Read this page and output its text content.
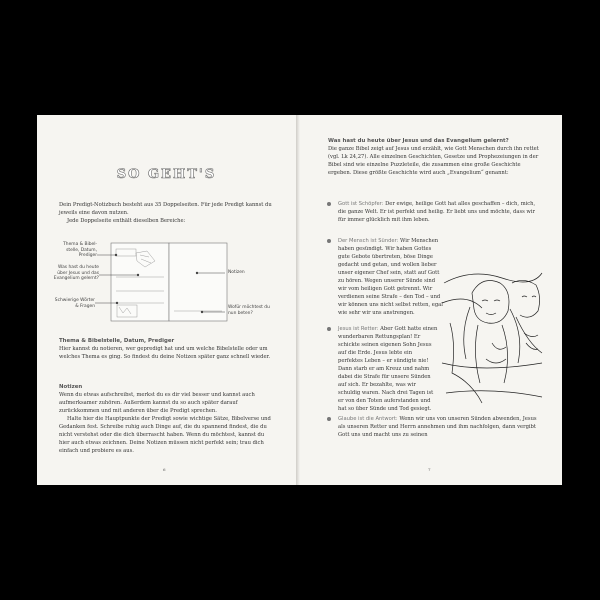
SO GEHT'S

Dein Predigt-Notizbuch besteht aus 35 Doppelseiten. Für jede Predigt kannst du jeweils eine davon nutzen.

Jede Doppelseite enthält dieselben Bereiche:

Thema & Bibel-stelle, Datum, Prediger
Was hast du heute über Jesus und das Evangelium gelernt?
Schwierige Wörter & Fragen
Notizen
Wofür möchtest du nun beten?

Thema & Bibelstelle, Datum, Prediger

Hier kannst du notieren, wer gepredigt hat und um welche Bibelstelle oder um welches Thema es ging. So findest du deine Notizen später ganz schnell wieder.

Notizen

Wenn du etwas aufschreibst, merkst du es dir viel besser und kannst auch aufmerksamer zuhören. Außerdem kannst du so auch später darauf zurückkommen und mit anderen über die Predigt sprechen.

Halte hier die Hauptpunkte der Predigt sowie wichtige Sätze, Bibelverse und Gedanken fest. Schreibe ruhig auch Dinge auf, die du spannend findest, die du nicht verstehst oder die dich überrascht haben. Wenn du möchtest, kannst du hier auch etwas zeichnen. Deine Notizen müssen nicht perfekt sein; trau dich einfach und probiere es aus.

6

Was hast du heute über Jesus und das Evangelium gelernt?

Die ganze Bibel zeigt auf Jesus und erzählt, wie Gott Menschen durch ihn rettet (vgl. Lk 24,27). Alle einzelnen Geschichten, Gesetze und Prophezeiungen in der Bibel sind wie einzelne Puzzleteile, die zusammen eine große Geschichte ergeben. Diese größte Geschichte wird auch „Evangelium“ genannt:

Gott ist Schöpfer: Der ewige, heilige Gott hat alles geschaffen – dich, mich, die ganze Welt. Er ist perfekt und heilig. Er liebt uns und möchte, dass wir für immer glücklich mit ihm leben.

Der Mensch ist Sünder: Wir Menschen haben gesündigt. Wir haben Gottes gute Gebote übertreten, böse Dinge gedacht und getan, und wollen lieber unser eigener Chef sein, statt auf Gott zu hören. Wegen unserer Sünde sind wir vom heiligen Gott getrennt. Wir verdienen seine Strafe – den Tod – und wir können uns nicht selbst retten, egal wie sehr wir uns anstrengen.

Jesus ist Retter: Aber Gott hatte einen wunderbaren Rettungsplan! Er schickte seinen eigenen Sohn Jesus auf die Erde. Jesus lebte ein perfektes Leben – er sündigte nie! Dann starb er am Kreuz und nahm dabei die Strafe für unsere Sünden auf sich. Er bezahlte, was wir schuldig waren. Nach drei Tagen ist er von den Toten auferstanden und hat so über Sünde und Tod gesiegt.

Glaube ist die Antwort: Wenn wir uns von unseren Sünden abwenden, Jesus als unseren Retter und Herrn annehmen und ihm nachfolgen, dann vergibt Gott uns und macht uns zu seinen

7
